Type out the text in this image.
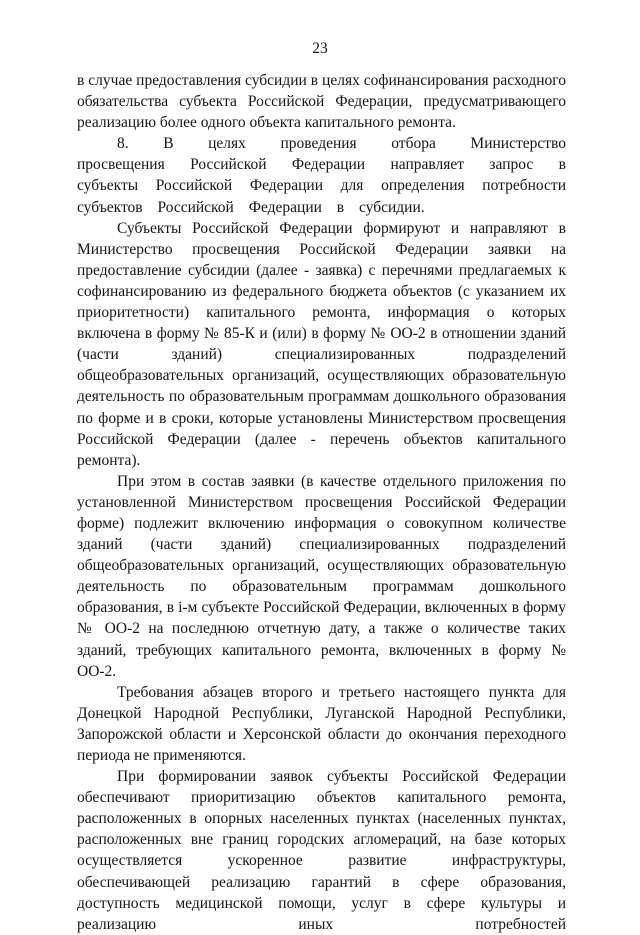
23

в случае предоставления субсидии в целях софинансирования расходного обязательства субъекта Российской Федерации, предусматривающего реализацию более одного объекта капитального ремонта.

8. В целях проведения отбора Министерство просвещения Российской Федерации направляет запрос в субъекты Российской Федерации для определения потребности субъектов Российской Федерации в субсидии.

Субъекты Российской Федерации формируют и направляют в Министерство просвещения Российской Федерации заявки на предоставление субсидии (далее - заявка) с перечнями предлагаемых к софинансированию из федерального бюджета объектов (с указанием их приоритетности) капитального ремонта, информация о которых включена в форму № 85-К и (или) в форму № ОО-2 в отношении зданий (части зданий) специализированных подразделений общеобразовательных организаций, осуществляющих образовательную деятельность по образовательным программам дошкольного образования по форме и в сроки, которые установлены Министерством просвещения Российской Федерации (далее - перечень объектов капитального ремонта).

При этом в состав заявки (в качестве отдельного приложения по установленной Министерством просвещения Российской Федерации форме) подлежит включению информация о совокупном количестве зданий (части зданий) специализированных подразделений общеобразовательных организаций, осуществляющих образовательную деятельность по образовательным программам дошкольного образования, в i-м субъекте Российской Федерации, включенных в форму № ОО-2 на последнюю отчетную дату, а также о количестве таких зданий, требующих капитального ремонта, включенных в форму № ОО-2.

Требования абзацев второго и третьего настоящего пункта для Донецкой Народной Республики, Луганской Народной Республики, Запорожской области и Херсонской области до окончания переходного периода не применяются.

При формировании заявок субъекты Российской Федерации обеспечивают приоритизацию объектов капитального ремонта, расположенных в опорных населенных пунктах (населенных пунктах, расположенных вне границ городских агломераций, на базе которых осуществляется ускоренное развитие инфраструктуры, обеспечивающей реализацию гарантий в сфере образования, доступность медицинской помощи, услуг в сфере культуры и реализацию иных потребностей
